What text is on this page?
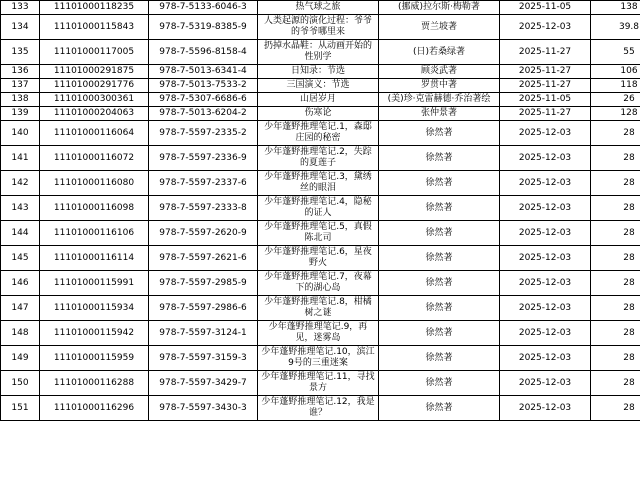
133	11101000118235	978-7-5133-6046-3	热气球之旅	(挪威)拉尔斯·梅勒著	2025-11-05	138
134	11101000115843	978-7-5319-8385-9	人类起源的演化过程：爷爷的爷爷哪里来	贾兰坡著	2025-12-03	39.8
135	11101000117005	978-7-5596-8158-4	扔掉水晶鞋：从动画开始的性别学	(日)若桑绿著	2025-11-27	55
136	11101000291875	978-7-5013-6341-4	日知录：节选	顾炎武著	2025-11-27	106
137	11101000291776	978-7-5013-7533-2	三国演义：节选	罗贯中著	2025-11-27	118
138	11101000300361	978-7-5307-6686-6	山居岁月	(美)珍·克雷赫德·乔治著绘	2025-11-05	26
139	11101000204063	978-7-5013-6204-2	伤寒论	张仲景著	2025-11-27	128
140	11101000116064	978-7-5597-2335-2	少年蓬野推理笔记.1，森邸庄园的秘密	徐然著	2025-12-03	28
141	11101000116072	978-7-5597-2336-9	少年蓬野推理笔记.2，失踪的夏莲子	徐然著	2025-12-03	28
142	11101000116080	978-7-5597-2337-6	少年蓬野推理笔记.3，黛绣丝的眼泪	徐然著	2025-12-03	28
143	11101000116098	978-7-5597-2333-8	少年蓬野推理笔记.4，隐秘的证人	徐然著	2025-12-03	28
144	11101000116106	978-7-5597-2620-9	少年蓬野推理笔记.5，真假陈北司	徐然著	2025-12-03	28
145	11101000116114	978-7-5597-2621-6	少年蓬野推理笔记.6，星夜野火	徐然著	2025-12-03	28
146	11101000115991	978-7-5597-2985-9	少年蓬野推理笔记.7，夜幕下的湖心岛	徐然著	2025-12-03	28
147	11101000115934	978-7-5597-2986-6	少年蓬野推理笔记.8，柑橘树之谜	徐然著	2025-12-03	28
148	11101000115942	978-7-5597-3124-1	少年蓬野推理笔记.9，再见，迷雾岛	徐然著	2025-12-03	28
149	11101000115959	978-7-5597-3159-3	少年蓬野推理笔记.10，滨江9号的三重迷案	徐然著	2025-12-03	28
150	11101000116288	978-7-5597-3429-7	少年蓬野推理笔记.11，寻找景方	徐然著	2025-12-03	28
151	11101000116296	978-7-5597-3430-3	少年蓬野推理笔记.12，我是谁？	徐然著	2025-12-03	28
